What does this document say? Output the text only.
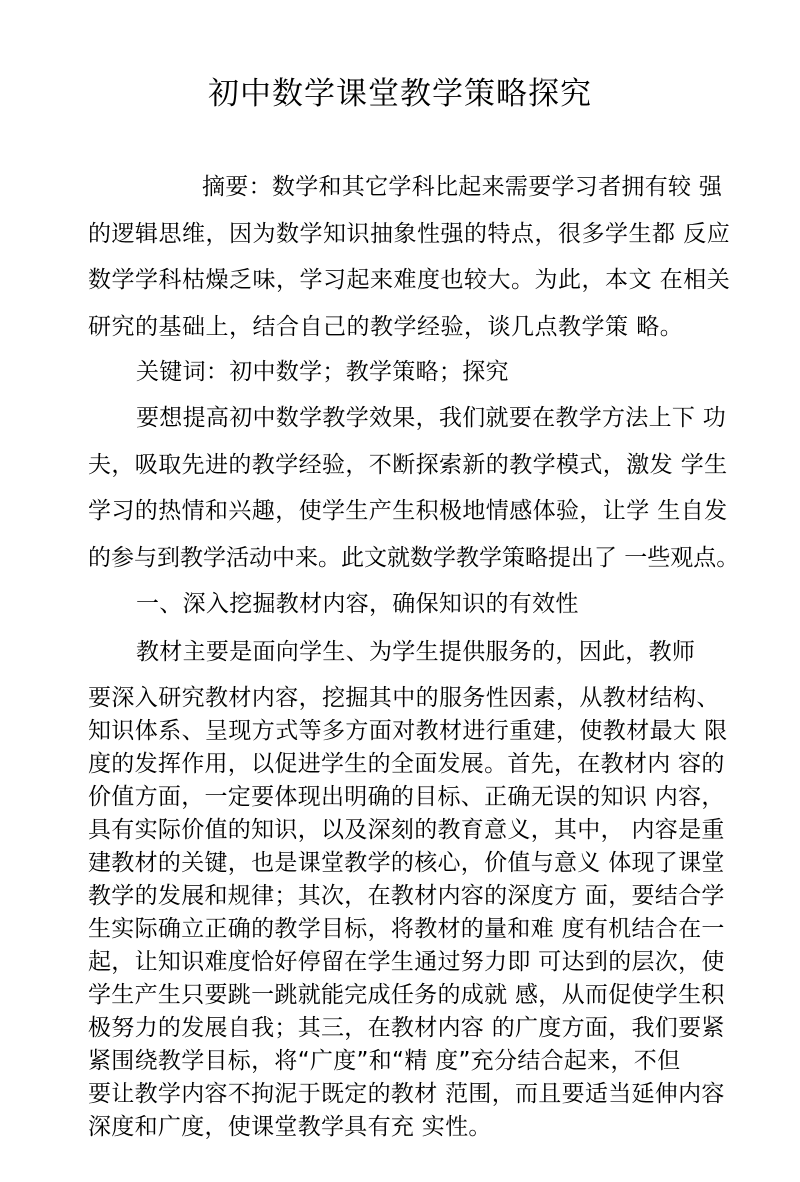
初中数学课堂教学策略探究
摘要：数学和其它学科比起来需要学习者拥有较 强
的逻辑思维，因为数学知识抽象性强的特点，很多学生都 反应
数学学科枯燥乏味，学习起来难度也较大。为此，本文 在相关
研究的基础上，结合自己的教学经验，谈几点教学策 略。
关键词：初中数学；教学策略；探究
要想提高初中数学教学效果，我们就要在教学方法上下 功
夫，吸取先进的教学经验，不断探索新的教学模式，激发 学生
学习的热情和兴趣，使学生产生积极地情感体验，让学 生自发
的参与到教学活动中来。此文就数学教学策略提出了 一些观点。
一、深入挖掘教材内容，确保知识的有效性
教材主要是面向学生、为学生提供服务的，因此，教师
要深入研究教材内容，挖掘其中的服务性因素，从教材结构、
知识体系、呈现方式等多方面对教材进行重建，使教材最大 限
度的发挥作用，以促进学生的全面发展。首先，在教材内 容的
价值方面，一定要体现出明确的目标、正确无误的知识 内容，
具有实际价值的知识，以及深刻的教育意义，其中， 内容是重
建教材的关键，也是课堂教学的核心，价值与意义 体现了课堂
教学的发展和规律；其次，在教材内容的深度方 面，要结合学
生实际确立正确的教学目标，将教材的量和难 度有机结合在一
起，让知识难度恰好停留在学生通过努力即 可达到的层次，使
学生产生只要跳一跳就能完成任务的成就 感，从而促使学生积
极努力的发展自我；其三，在教材内容 的广度方面，我们要紧
紧围绕教学目标，将“广度”和“精 度”充分结合起来，不但
要让教学内容不拘泥于既定的教材 范围，而且要适当延伸内容
深度和广度，使课堂教学具有充 实性。
